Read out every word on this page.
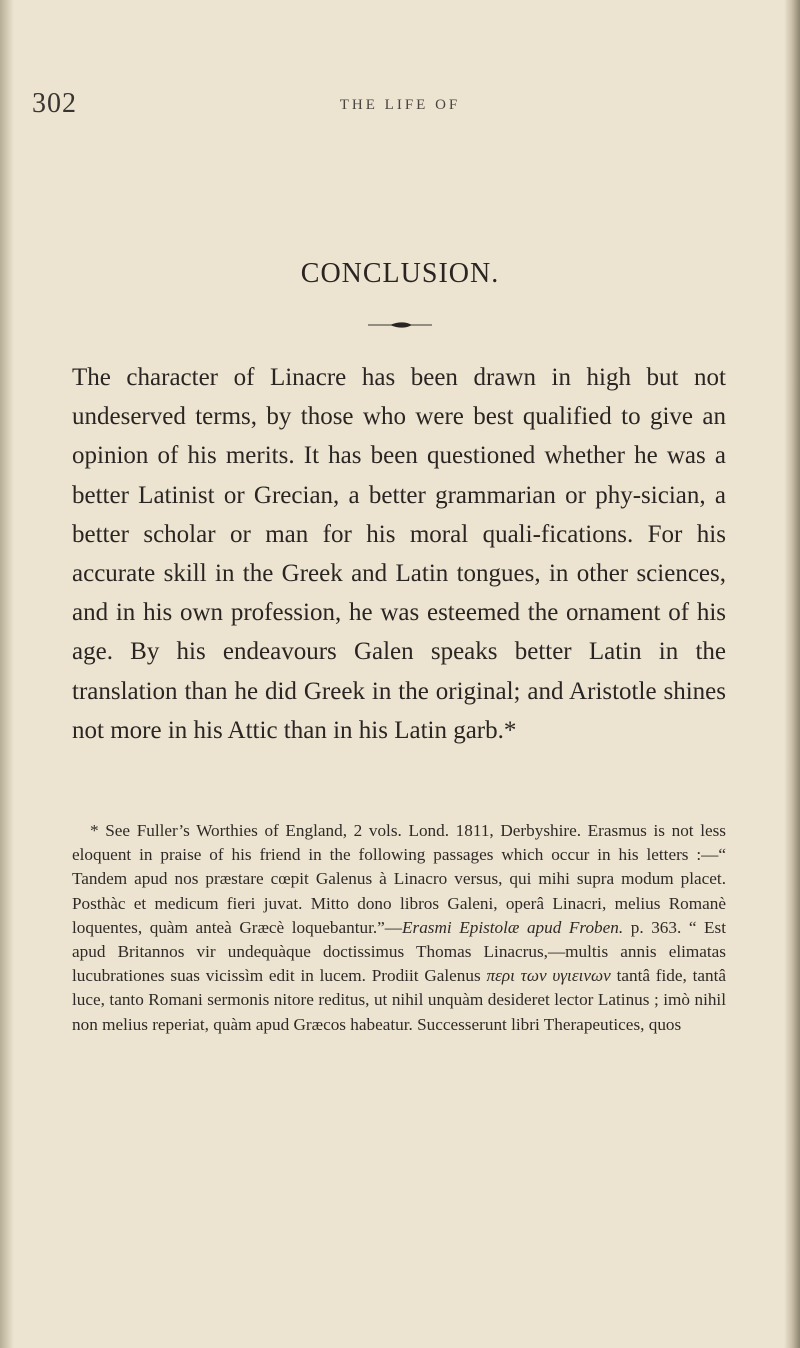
302	THE LIFE OF
CONCLUSION.

The character of Linacre has been drawn in high but not undeserved terms, by those who were best qualified to give an opinion of his merits. It has been questioned whether he was a better Latinist or Grecian, a better grammarian or phy-sician, a better scholar or man for his moral quali-fications. For his accurate skill in the Greek and Latin tongues, in other sciences, and in his own profession, he was esteemed the ornament of his age. By his endeavours Galen speaks better Latin in the translation than he did Greek in the original; and Aristotle shines not more in his Attic than in his Latin garb.*

* See Fuller’s Worthies of England, 2 vols. Lond. 1811, Derbyshire. Erasmus is not less eloquent in praise of his friend in the following passages which occur in his letters :—“ Tandem apud nos præstare cœpit Galenus à Linacro versus, qui mihi supra modum placet. Posthàc et medicum fieri juvat. Mitto dono libros Galeni, operâ Linacri, melius Romanè loquentes, quàm anteà Græcè loquebantur.”—Erasmi Epistolæ apud Froben. p. 363. “ Est apud Britannos vir undequàque doctissimus Thomas Linacrus,—multis annis elimatas lucubrationes suas vicissìm edit in lucem. Prodiit Galenus περι των υγιεινων tantâ fide, tantâ luce, tanto Romani sermonis nitore reditus, ut nihil unquàm desideret lector Latinus ; imò nihil non melius reperiat, quàm apud Græcos habeatur. Successerunt libri Therapeutices, quos
